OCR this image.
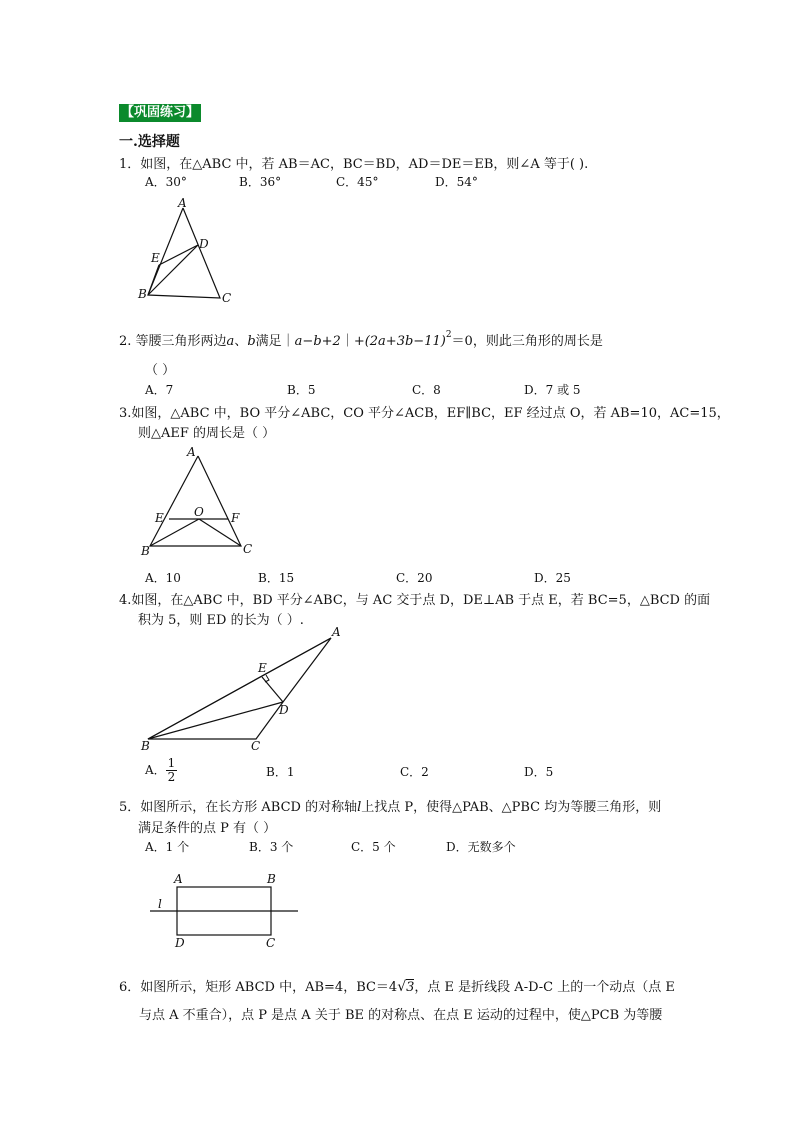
【巩固练习】
一.选择题
1．如图，在△ABC 中，若 AB＝AC，BC＝BD，AD＝DE＝EB，则∠A 等于( ).
A．30°	B．36°	C．45°	D．54°
A
D
E
B	C
2. 等腰三角形两边a、b满足$|a-b+2|+(2a+3b-11)^2=0$，则此三角形的周长是
（ ）
A．7	B．5	C．8	D．7 或 5
3.如图，△ABC 中，BO 平分∠ABC，CO 平分∠ACB，EF∥BC，EF 经过点 O，若 AB=10，AC=15，
则△AEF 的周长是（ ）
A
E	O F
B	C
A．10	B．15	C．20	D．25
4.如图，在△ABC 中，BD 平分∠ABC，与 AC 交于点 D，DE⊥AB 于点 E，若 BC=5，△BCD 的面
积为 5，则 ED 的长为（ ）.
A
E
D
B	C
A． $\frac{1}{2}$	B．1	C．2	D．5
5．如图所示，在长方形 ABCD 的对称轴l上找点 P，使得△PAB、△PBC 均为等腰三角形，则
满足条件的点 P 有（ ）
A．1 个	B．3 个	C．5 个	D．无数多个
A	B
l
D	C
6．如图所示，矩形 ABCD 中，AB=4，BC＝4√3，点 E 是折线段 A-D-C 上的一个动点（点 E
与点 A 不重合），点 P 是点 A 关于 BE 的对称点、在点 E 运动的过程中，使△PCB 为等腰
